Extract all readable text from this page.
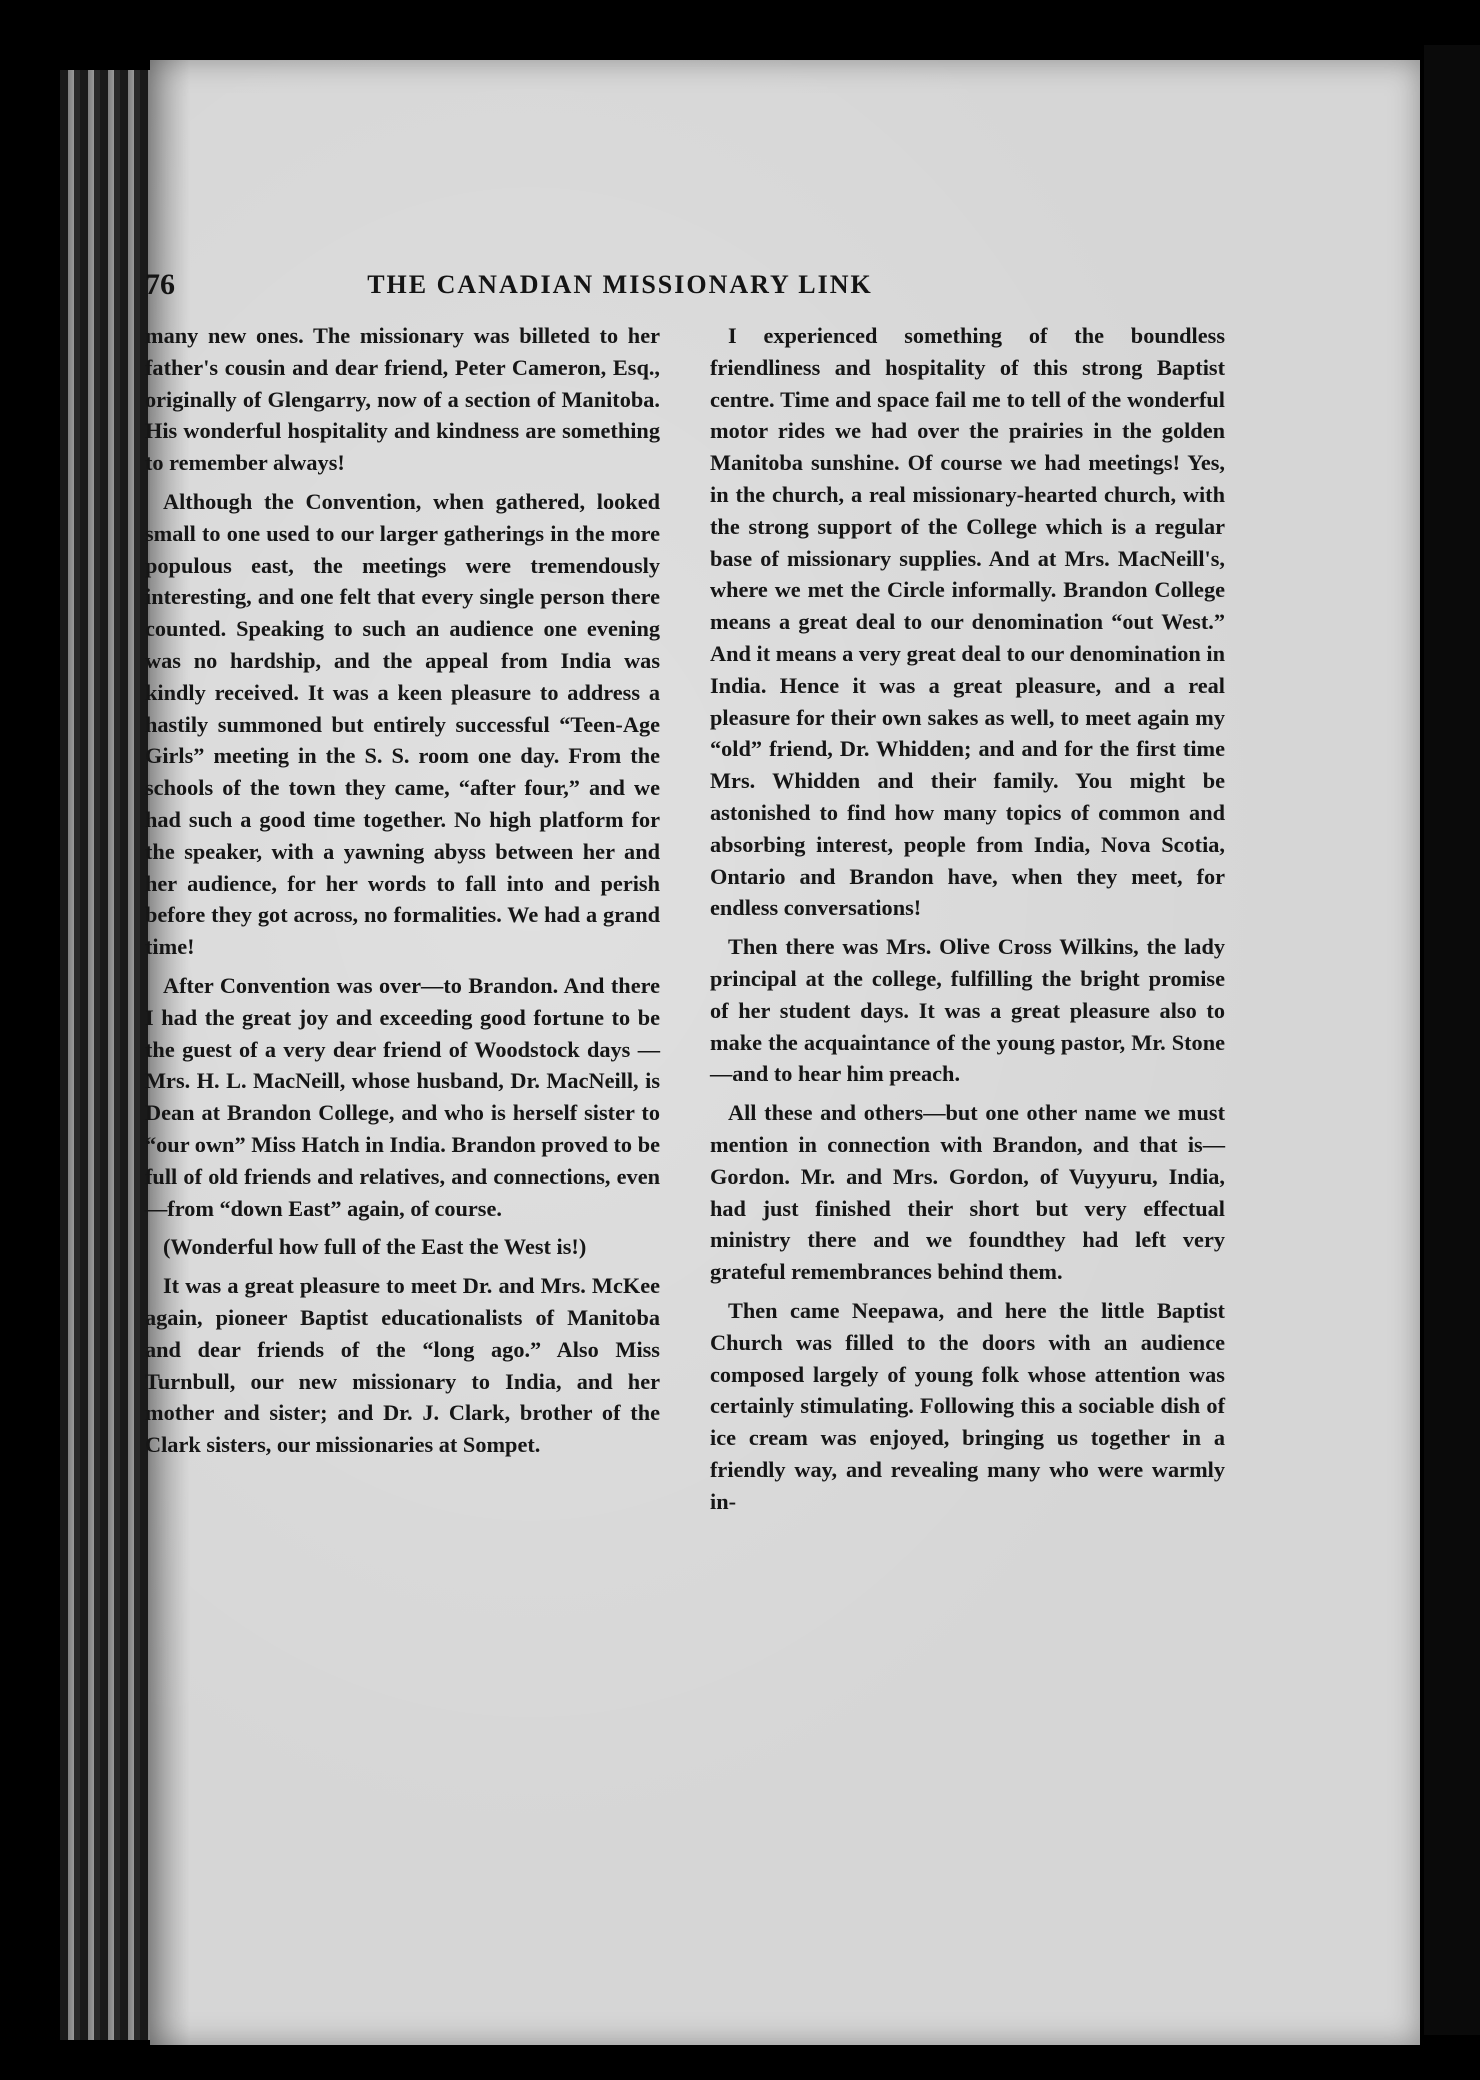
76	THE CANADIAN MISSIONARY LINK

many new ones. The missionary was billeted to her father's cousin and dear friend, Peter Cameron, Esq., originally of Glengarry, now of a section of Manitoba. His wonderful hospitality and kindness are something to remember always!

Although the Convention, when gathered, looked small to one used to our larger gatherings in the more populous east, the meetings were tremendously interesting, and one felt that every single person there counted. Speaking to such an audience one evening was no hardship, and the appeal from India was kindly received. It was a keen pleasure to address a hastily summoned but entirely successful “Teen-Age Girls” meeting in the S. S. room one day. From the schools of the town they came, “after four,” and we had such a good time together. No high platform for the speaker, with a yawning abyss between her and her audience, for her words to fall into and perish before they got across, no formalities. We had a grand time!

After Convention was over—to Brandon. And there I had the great joy and exceeding good fortune to be the guest of a very dear friend of Woodstock days —Mrs. H. L. MacNeill, whose husband, Dr. MacNeill, is Dean at Brandon College, and who is herself sister to “our own” Miss Hatch in India. Brandon proved to be full of old friends and relatives, and connections, even—from “down East” again, of course.

(Wonderful how full of the East the West is!)

It was a great pleasure to meet Dr. and Mrs. McKee again, pioneer Baptist educationalists of Manitoba and dear friends of the “long ago.” Also Miss Turnbull, our new missionary to India, and her mother and sister; and Dr. J. Clark, brother of the Clark sisters, our missionaries at Sompet.

I experienced something of the boundless friendliness and hospitality of this strong Baptist centre. Time and space fail me to tell of the wonderful motor rides we had over the prairies in the golden Manitoba sunshine. Of course we had meetings! Yes, in the church, a real missionary-hearted church, with the strong support of the College which is a regular base of missionary supplies. And at Mrs. MacNeill's, where we met the Circle informally. Brandon College means a great deal to our denomination “out West.” And it means a very great deal to our denomination in India. Hence it was a great pleasure, and a real pleasure for their own sakes as well, to meet again my “old” friend, Dr. Whidden; and and for the first time Mrs. Whidden and their family. You might be astonished to find how many topics of common and absorbing interest, people from India, Nova Scotia, Ontario and Brandon have, when they meet, for endless conversations!

Then there was Mrs. Olive Cross Wilkins, the lady principal at the college, fulfilling the bright promise of her student days. It was a great pleasure also to make the acquaintance of the young pastor, Mr. Stone—and to hear him preach.

All these and others—but one other name we must mention in connection with Brandon, and that is—Gordon. Mr. and Mrs. Gordon, of Vuyyuru, India, had just finished their short but very effectual ministry there and we foundthey had left very grateful remembrances behind them.

Then came Neepawa, and here the little Baptist Church was filled to the doors with an audience composed largely of young folk whose attention was certainly stimulating. Following this a sociable dish of ice cream was enjoyed, bringing us together in a friendly way, and revealing many who were warmly in-
